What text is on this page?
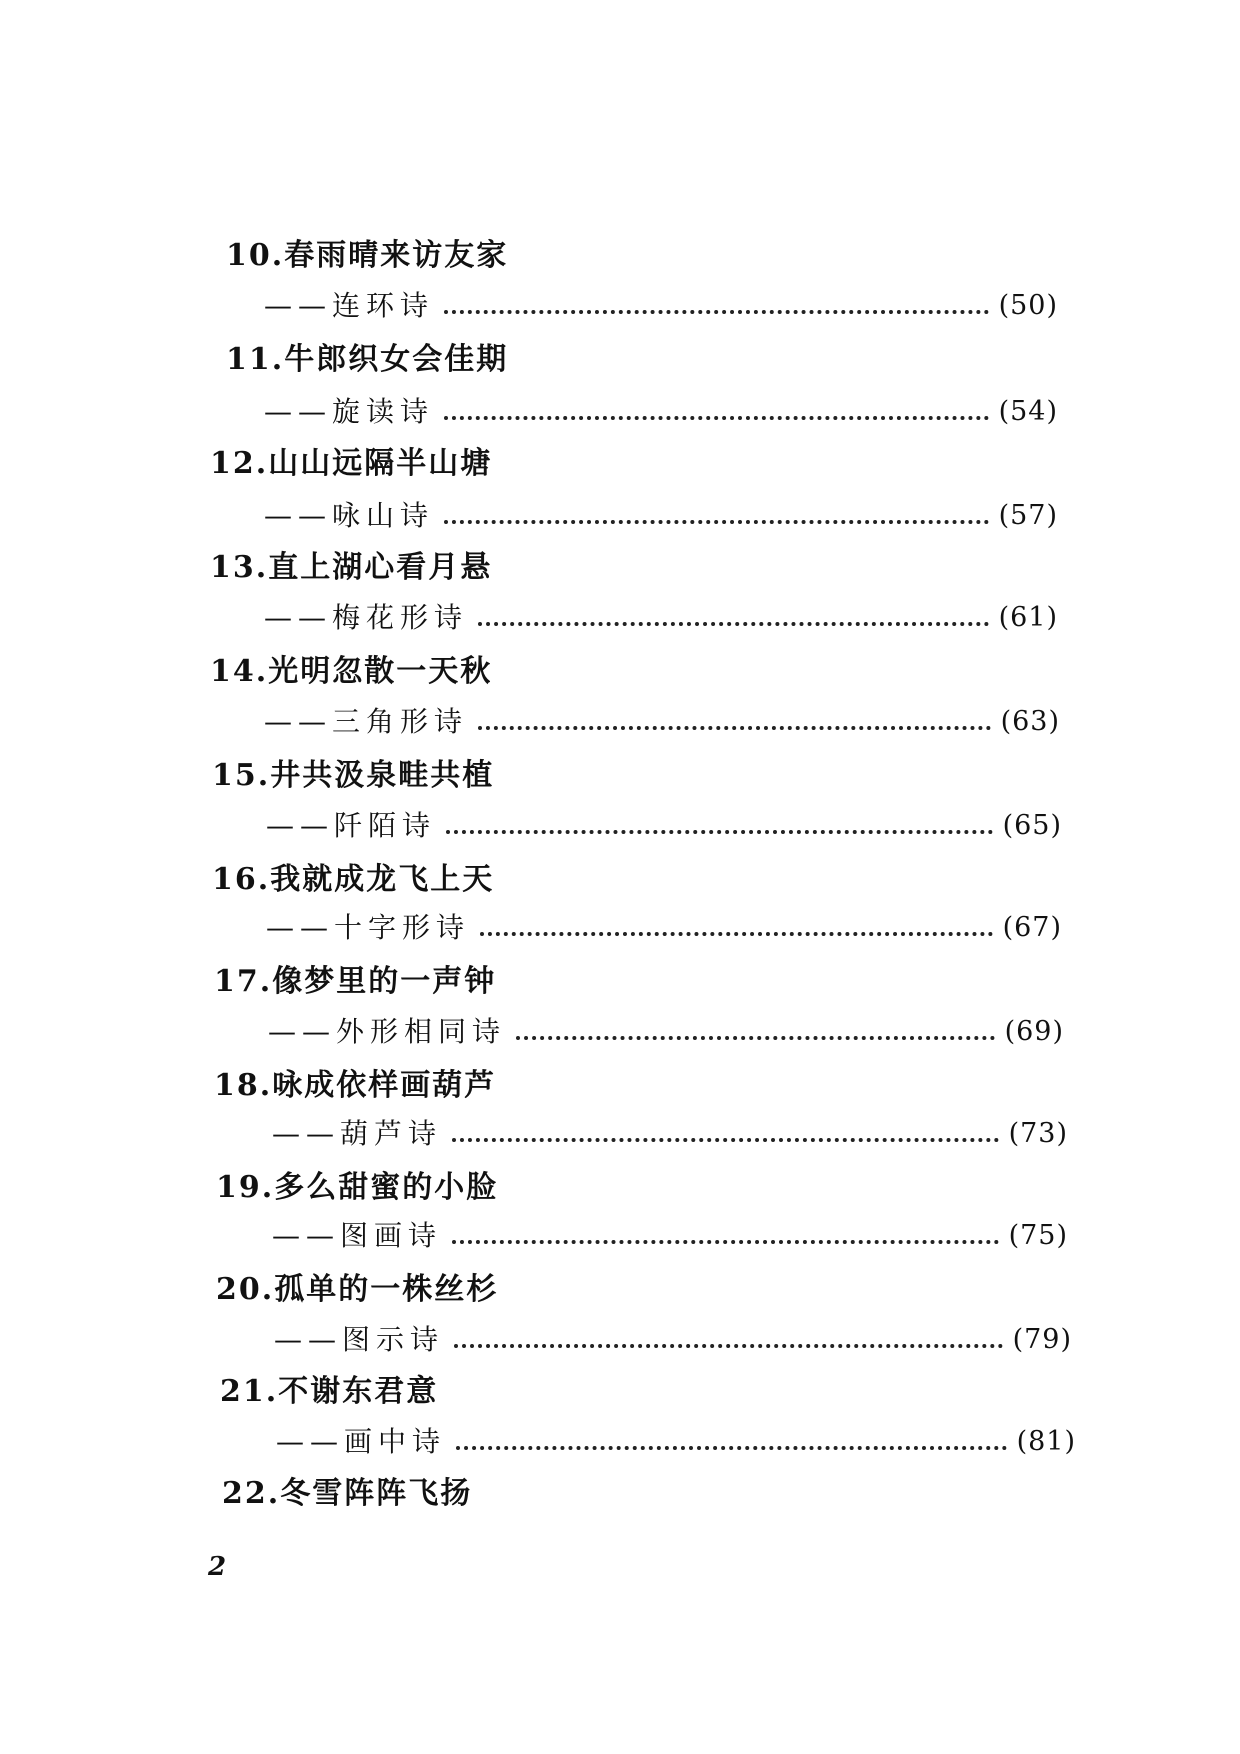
10.春雨晴来访友家
——连环诗	(50)
11.牛郎织女会佳期
——旋读诗	(54)
12.山山远隔半山塘
——咏山诗	(57)
13.直上湖心看月悬
——梅花形诗	(61)
14.光明忽散一天秋
——三角形诗	(63)
15.井共汲泉畦共植
——阡陌诗	(65)
16.我就成龙飞上天
——十字形诗	(67)
17.像梦里的一声钟
——外形相同诗	(69)
18.咏成依样画葫芦
——葫芦诗	(73)
19.多么甜蜜的小脸
——图画诗	(75)
20.孤单的一株丝杉
——图示诗	(79)
21.不谢东君意
——画中诗	(81)
22.冬雪阵阵飞扬
2
